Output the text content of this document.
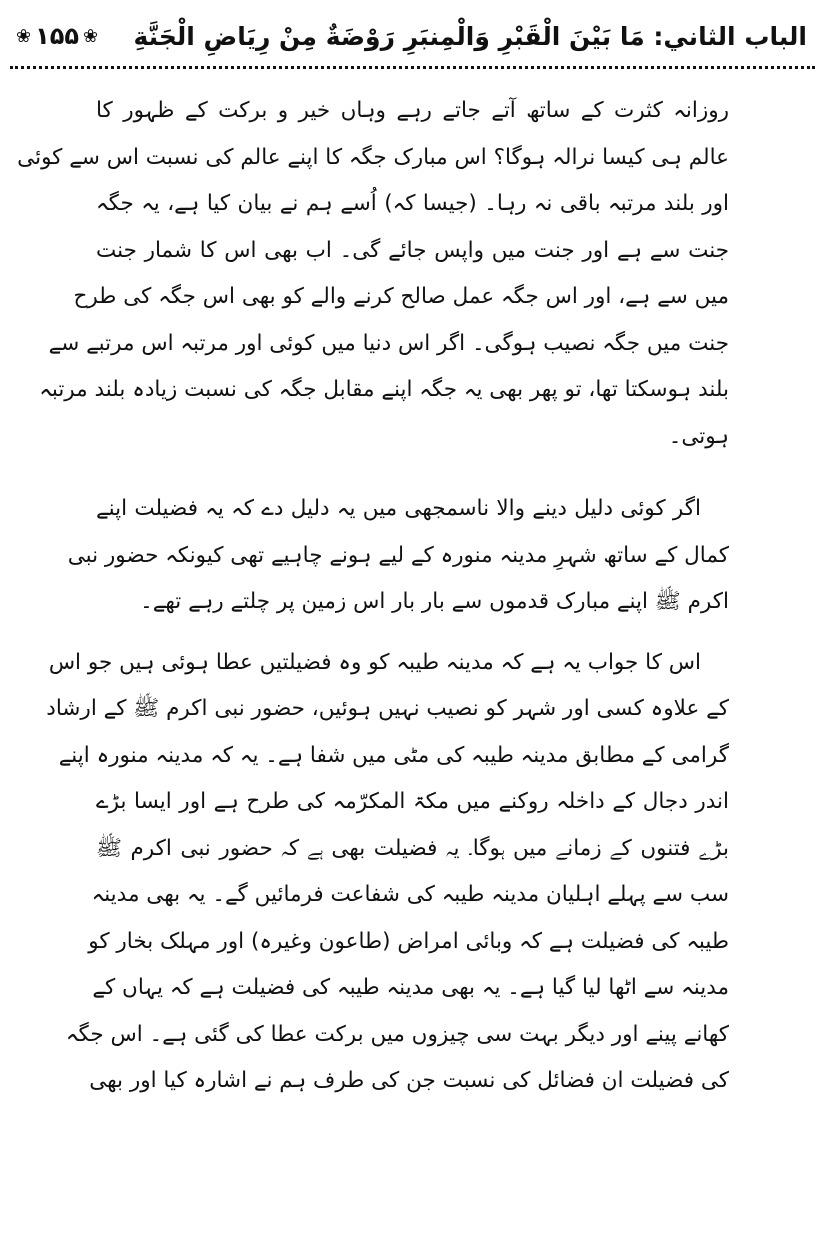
الباب الثاني: مَا بَيْنَ الْقَبْرِ وَالْمِنبَرِ رَوْضَةٌ مِنْ رِيَاضِ الْجَنَّةِ
❀
۱۵۵
❀
روزانہ کثرت کے ساتھ آتے جاتے رہے وہاں خیر و برکت کے ظہور کا
عالم ہی کیسا نرالہ ہوگا؟ اس مبارک جگہ کا اپنے عالم کی نسبت اس سے کوئی
اور بلند مرتبہ باقی نہ رہا۔ (جیسا کہ) اُسے ہم نے بیان کیا ہے، یہ جگہ
جنت سے ہے اور جنت میں واپس جائے گی۔ اب بھی اس کا شمار جنت
میں سے ہے، اور اس جگہ عمل صالح کرنے والے کو بھی اس جگہ کی طرح
جنت میں جگہ نصیب ہوگی۔ اگر اس دنیا میں کوئی اور مرتبہ اس مرتبے سے
بلند ہوسکتا تھا، تو پھر بھی یہ جگہ اپنے مقابل جگہ کی نسبت زیادہ بلند مرتبہ
ہوتی۔
اگر کوئی دلیل دینے والا ناسمجھی میں یہ دلیل دے کہ یہ فضیلت اپنے
کمال کے ساتھ شہرِ مدینہ منورہ کے لیے ہونے چاہیے تھی کیونکہ حضور نبی
اکرم ﷺ اپنے مبارک قدموں سے بار بار اس زمین پر چلتے رہے تھے۔
اس کا جواب یہ ہے کہ مدینہ طیبہ کو وہ فضیلتیں عطا ہوئی ہیں جو اس
کے علاوہ کسی اور شہر کو نصیب نہیں ہوئیں، حضور نبی اکرم ﷺ کے ارشاد
گرامی کے مطابق مدینہ طیبہ کی مٹی میں شفا ہے۔ یہ کہ مدینہ منورہ اپنے
اندر دجال کے داخلہ روکنے میں مکۃ المکرّمہ کی طرح ہے اور ایسا بڑے
بڑے فتنوں کے زمانے میں ہوگا۔ یہ فضیلت بھی ہے کہ حضور نبی اکرم ﷺ
سب سے پہلے اہلیان مدینہ طیبہ کی شفاعت فرمائیں گے۔ یہ بھی مدینہ
طیبہ کی فضیلت ہے کہ وبائی امراض (طاعون وغیرہ) اور مہلک بخار کو
مدینہ سے اٹھا لیا گیا ہے۔ یہ بھی مدینہ طیبہ کی فضیلت ہے کہ یہاں کے
کھانے پینے اور دیگر بہت سی چیزوں میں برکت عطا کی گئی ہے۔ اس جگہ
کی فضیلت ان فضائل کی نسبت جن کی طرف ہم نے اشارہ کیا اور بھی
